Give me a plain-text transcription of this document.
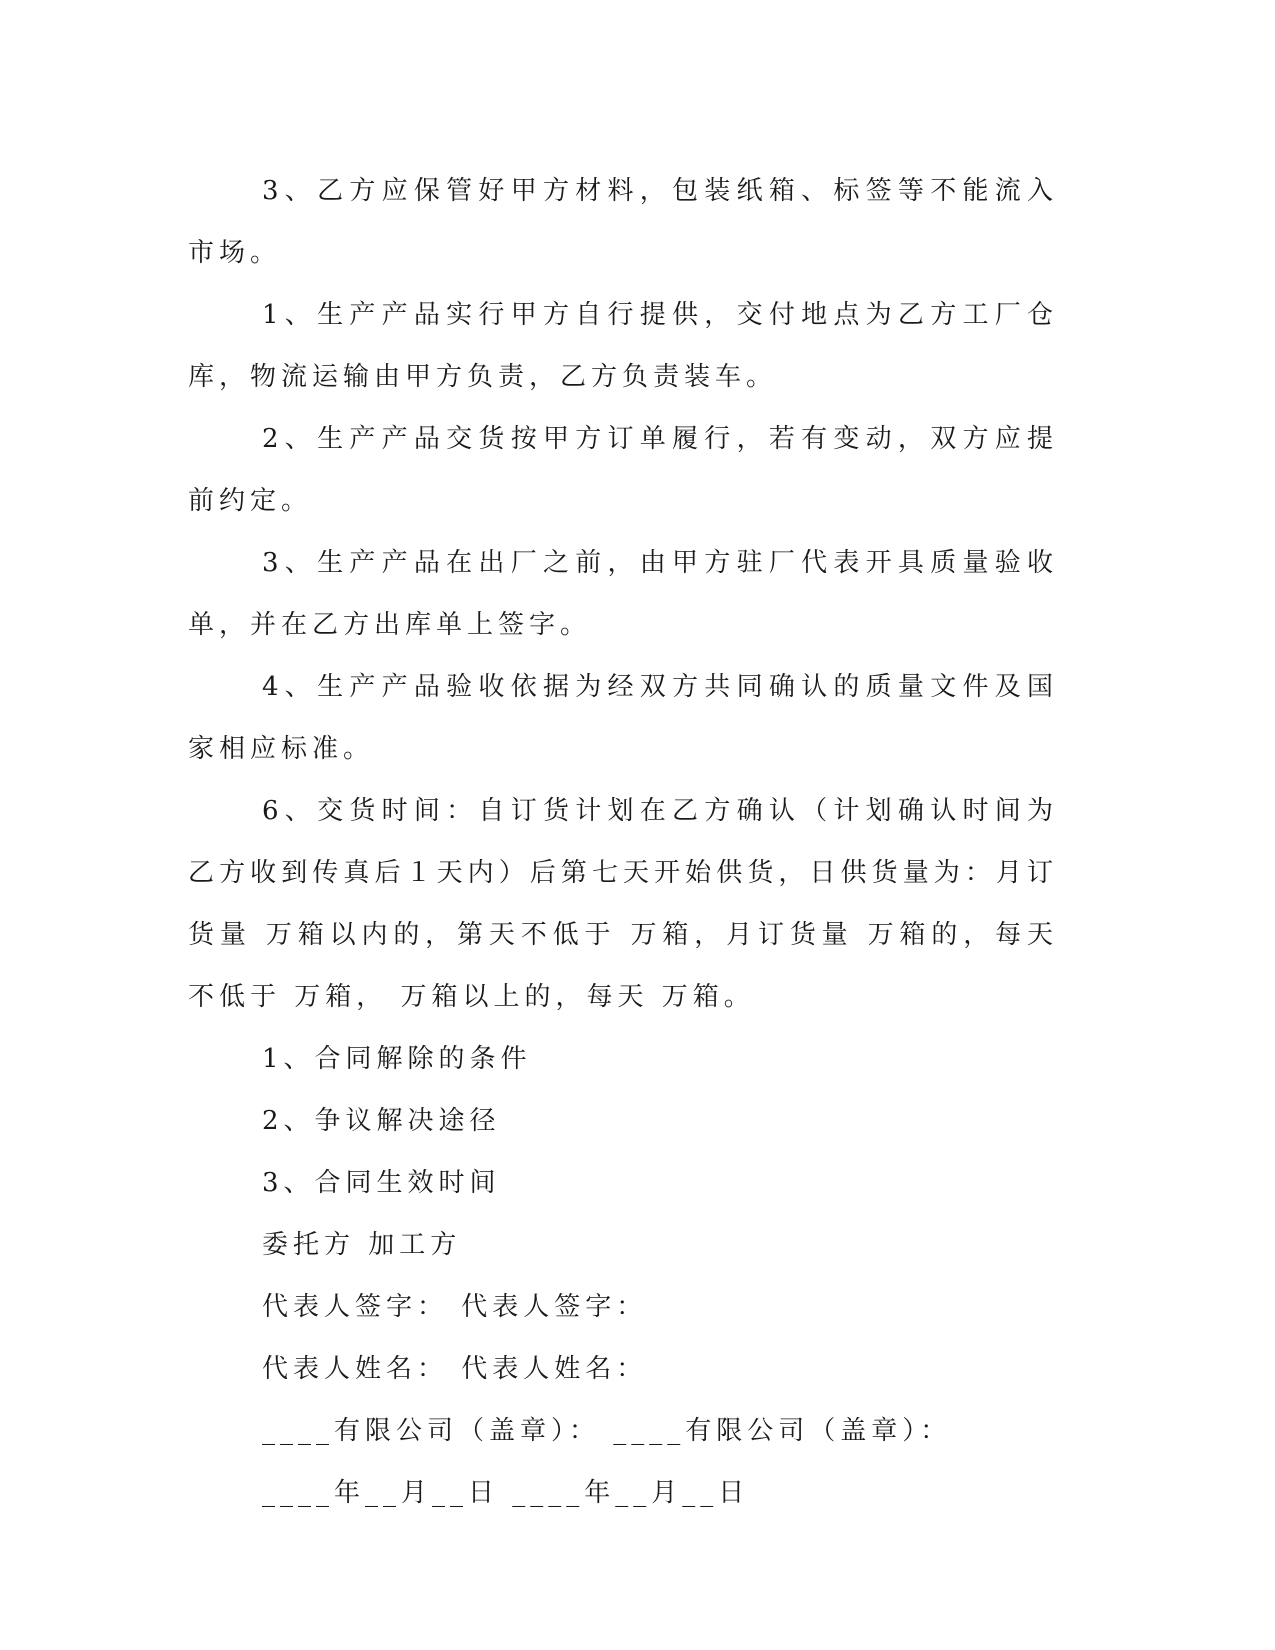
3、乙方应保管好甲方材料，包装纸箱、标签等不能流入市场。

1、生产产品实行甲方自行提供，交付地点为乙方工厂仓库，物流运输由甲方负责，乙方负责装车。

2、生产产品交货按甲方订单履行，若有变动，双方应提前约定。

3、生产产品在出厂之前，由甲方驻厂代表开具质量验收单，并在乙方出库单上签字。

4、生产产品验收依据为经双方共同确认的质量文件及国家相应标准。

6、交货时间：自订货计划在乙方确认（计划确认时间为乙方收到传真后１天内）后第七天开始供货，日供货量为：月订货量 万箱以内的，第天不低于 万箱，月订货量 万箱的，每天不低于 万箱， 万箱以上的，每天 万箱。

1、合同解除的条件

2、争议解决途径

3、合同生效时间

委托方 加工方

代表人签字： 代表人签字：

代表人姓名： 代表人姓名：

____有限公司（盖章）： ____有限公司（盖章）：

____年__月__日 ____年__月__日
